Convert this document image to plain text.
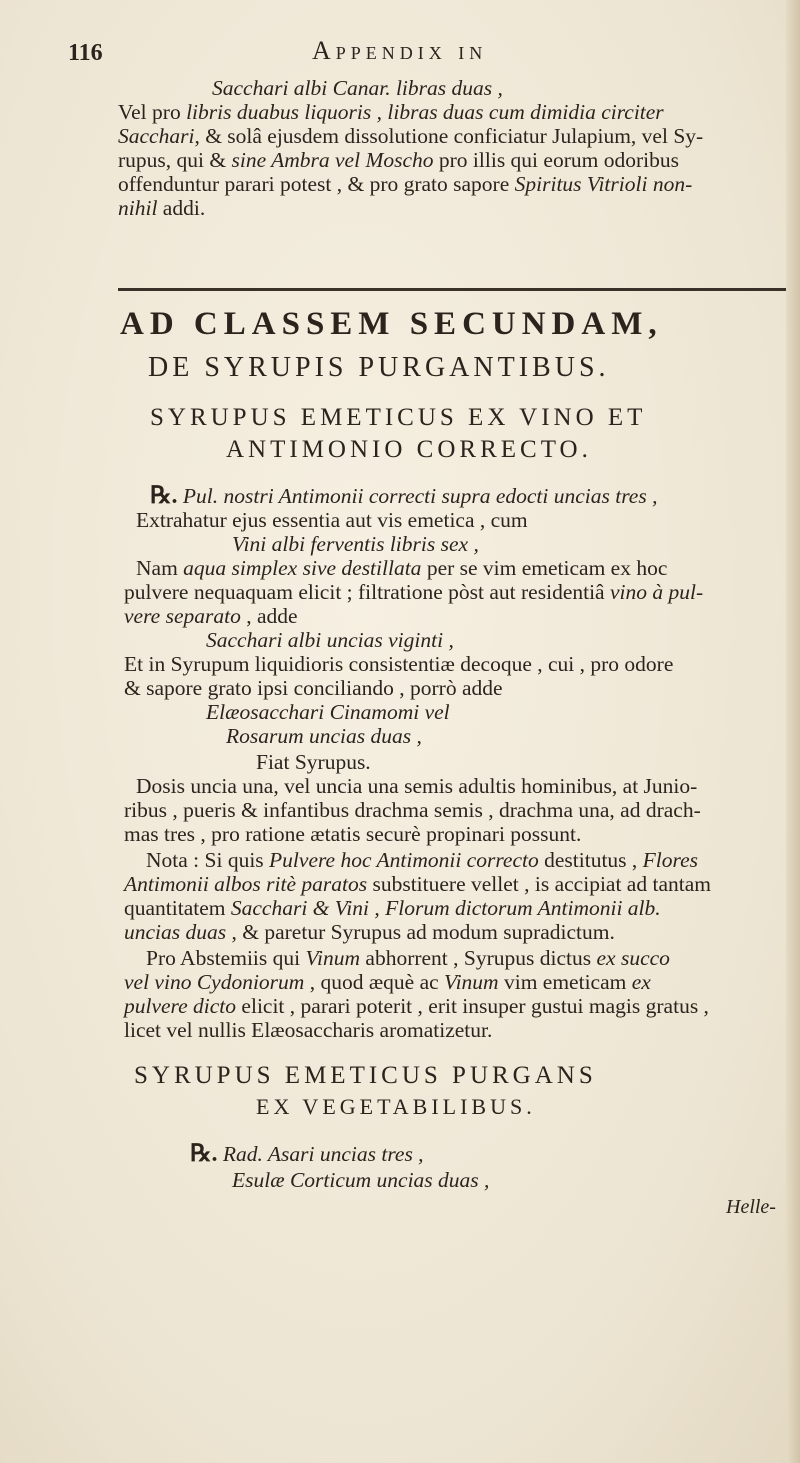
116	Appendix in
Sacchari albi Canar. libras duas ,
Vel pro libris duabus liquoris , libras duas cum dimidia circiter
Sacchari, & solâ ejusdem dissolutione conficiatur Julapium, vel Sy-
rupus, qui & sine Ambra vel Moscho pro illis qui eorum odoribus
offenduntur parari potest , & pro grato sapore Spiritus Vitrioli non-
nihil addi.
AD CLASSEM SECUNDAM,
DE SYRUPIS PURGANTIBUS.
SYRUPUS EMETICUS EX VINO ET
ANTIMONIO CORRECTO.
℞. Pul. nostri Antimonii correcti supra edocti uncias tres ,
Extrahatur ejus essentia aut vis emetica , cum
Vini albi ferventis libris sex ,
Nam aqua simplex sive destillata per se vim emeticam ex hoc
pulvere nequaquam elicit ; filtratione pòst aut residentiâ vino à pul-
vere separato , adde
Sacchari albi uncias viginti ,
Et in Syrupum liquidioris consistentiæ decoque , cui , pro odore
& sapore grato ipsi conciliando , porrò adde
Elæosacchari Cinamomi vel
Rosarum uncias duas ,
Fiat Syrupus.
Dosis uncia una, vel uncia una semis adultis hominibus, at Junio-
ribus , pueris & infantibus drachma semis , drachma una, ad drach-
mas tres , pro ratione ætatis securè propinari possunt.
Nota : Si quis Pulvere hoc Antimonii correcto destitutus , Flores
Antimonii albos ritè paratos substituere vellet , is accipiat ad tantam
quantitatem Sacchari & Vini , Florum dictorum Antimonii alb.
uncias duas , & paretur Syrupus ad modum supradictum.
Pro Abstemiis qui Vinum abhorrent , Syrupus dictus ex succo
vel vino Cydoniorum , quod æquè ac Vinum vim emeticam ex
pulvere dicto elicit , parari poterit , erit insuper gustui magis gratus ,
licet vel nullis Elæosaccharis aromatizetur.
SYRUPUS EMETICUS PURGANS
EX VEGETABILIBUS.
℞. Rad. Asari uncias tres ,
Esulæ Corticum uncias duas ,
Helle-
